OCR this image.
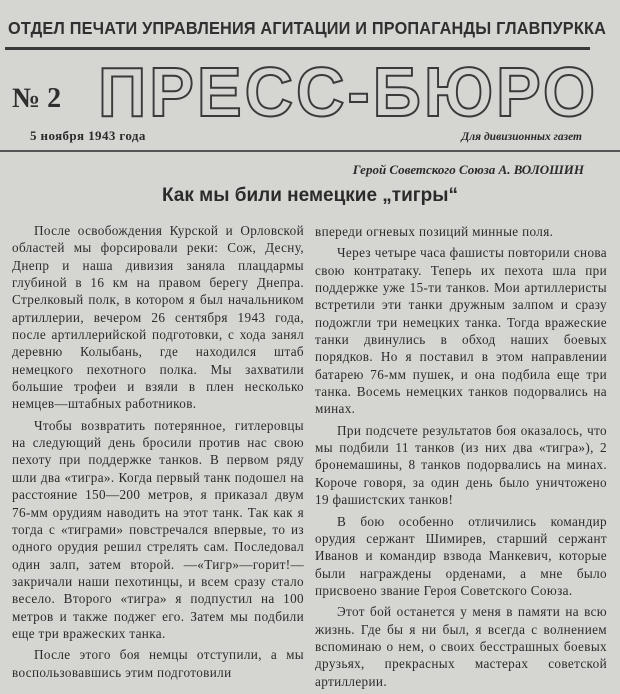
ОТДЕЛ ПЕЧАТИ УПРАВЛЕНИЯ АГИТАЦИИ И ПРОПАГАНДЫ ГЛАВПУРККА
№ 2 ПРЕСС-БЮРО
5 ноября 1943 года	Для дивизионных газет
Герой Советского Союза А. ВОЛОШИН
Как мы били немецкие „тигры“

После освобождения Курской и Орловской областей мы форсировали реки: Сож, Десну, Днепр и наша дивизия заняла плацдармы глубиной в 16 км на правом берегу Днепра. Стрелковый полк, в котором я был начальником артиллерии, вечером 26 сентября 1943 года, после артиллерийской подготовки, с хода занял деревню Колыбань, где находился штаб немецкого пехотного полка. Мы захватили большие трофеи и взяли в плен несколько немцев—штабных работников.

Чтобы возвратить потерянное, гитлеровцы на следующий день бросили против нас свою пехоту при поддержке танков. В первом ряду шли два «тигра». Когда первый танк подошел на расстояние 150—200 метров, я приказал двум 76-мм орудиям наводить на этот танк. Так как я тогда с «тиграми» повстречался впервые, то из одного орудия решил стрелять сам. Последовал один залп, затем второй. —«Тигр»—горит!—закричали наши пехотинцы, и всем сразу стало весело. Второго «тигра» я подпустил на 100 метров и также поджег его. Затем мы подбили еще три вражеских танка.

После этого боя немцы отступили, а мы воспользовавшись этим подготовили

впереди огневых позиций минные поля.

Через четыре часа фашисты повторили снова свою контратаку. Теперь их пехота шла при поддержке уже 15-ти танков. Мои артиллеристы встретили эти танки дружным залпом и сразу подожгли три немецких танка. Тогда вражеские танки двинулись в обход наших боевых порядков. Но я поставил в этом направлении батарею 76-мм пушек, и она подбила еще три танка. Восемь немецких танков подорвались на минах.

При подсчете результатов боя оказалось, что мы подбили 11 танков (из них два «тигра»), 2 бронемашины, 8 танков подорвались на минах. Короче говоря, за один день было уничтожено 19 фашистских танков!

В бою особенно отличились командир орудия сержант Шимирев, старший сержант Иванов и командир взвода Манкевич, которые были награждены орденами, а мне было присвоено звание Героя Советского Союза.

Этот бой останется у меня в памяти на всю жизнь. Где бы я ни был, я всегда с волнением вспоминаю о нем, о своих бесстрашных боевых друзьях, прекрасных мастерах советской артиллерии.
